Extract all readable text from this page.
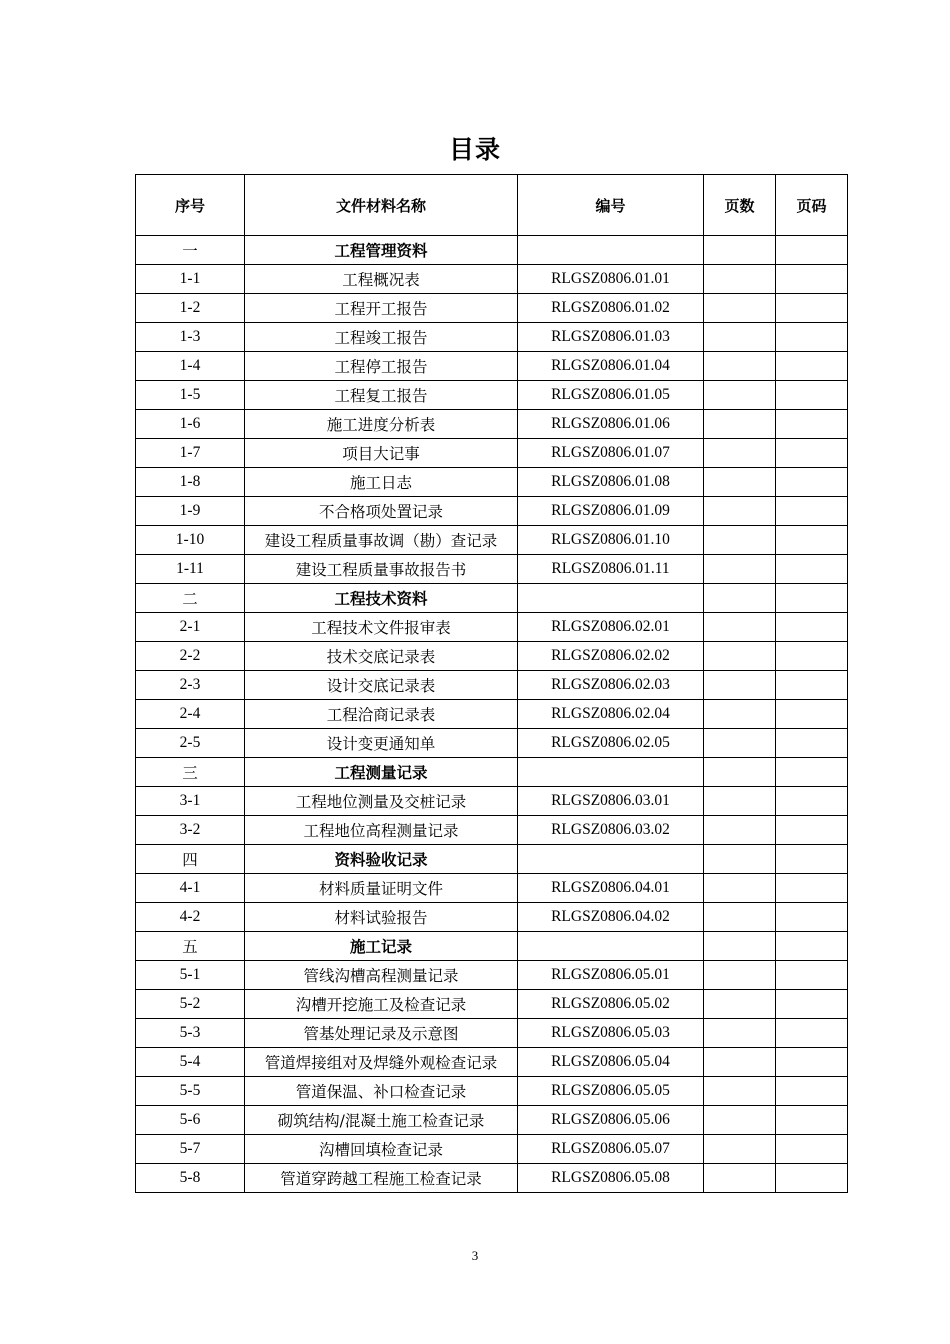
目录
序号	文件材料名称	编号	页数	页码
一	工程管理资料			
1-1	工程概况表	RLGSZ0806.01.01		
1-2	工程开工报告	RLGSZ0806.01.02		
1-3	工程竣工报告	RLGSZ0806.01.03		
1-4	工程停工报告	RLGSZ0806.01.04		
1-5	工程复工报告	RLGSZ0806.01.05		
1-6	施工进度分析表	RLGSZ0806.01.06		
1-7	项目大记事	RLGSZ0806.01.07		
1-8	施工日志	RLGSZ0806.01.08		
1-9	不合格项处置记录	RLGSZ0806.01.09		
1-10	建设工程质量事故调（勘）查记录	RLGSZ0806.01.10		
1-11	建设工程质量事故报告书	RLGSZ0806.01.11		
二	工程技术资料			
2-1	工程技术文件报审表	RLGSZ0806.02.01		
2-2	技术交底记录表	RLGSZ0806.02.02		
2-3	设计交底记录表	RLGSZ0806.02.03		
2-4	工程洽商记录表	RLGSZ0806.02.04		
2-5	设计变更通知单	RLGSZ0806.02.05		
三	工程测量记录			
3-1	工程地位测量及交桩记录	RLGSZ0806.03.01		
3-2	工程地位高程测量记录	RLGSZ0806.03.02		
四	资料验收记录			
4-1	材料质量证明文件	RLGSZ0806.04.01		
4-2	材料试验报告	RLGSZ0806.04.02		
五	施工记录			
5-1	管线沟槽高程测量记录	RLGSZ0806.05.01		
5-2	沟槽开挖施工及检查记录	RLGSZ0806.05.02		
5-3	管基处理记录及示意图	RLGSZ0806.05.03		
5-4	管道焊接组对及焊缝外观检查记录	RLGSZ0806.05.04		
5-5	管道保温、补口检查记录	RLGSZ0806.05.05		
5-6	砌筑结构/混凝土施工检查记录	RLGSZ0806.05.06		
5-7	沟槽回填检查记录	RLGSZ0806.05.07		
5-8	管道穿跨越工程施工检查记录	RLGSZ0806.05.08		
3
